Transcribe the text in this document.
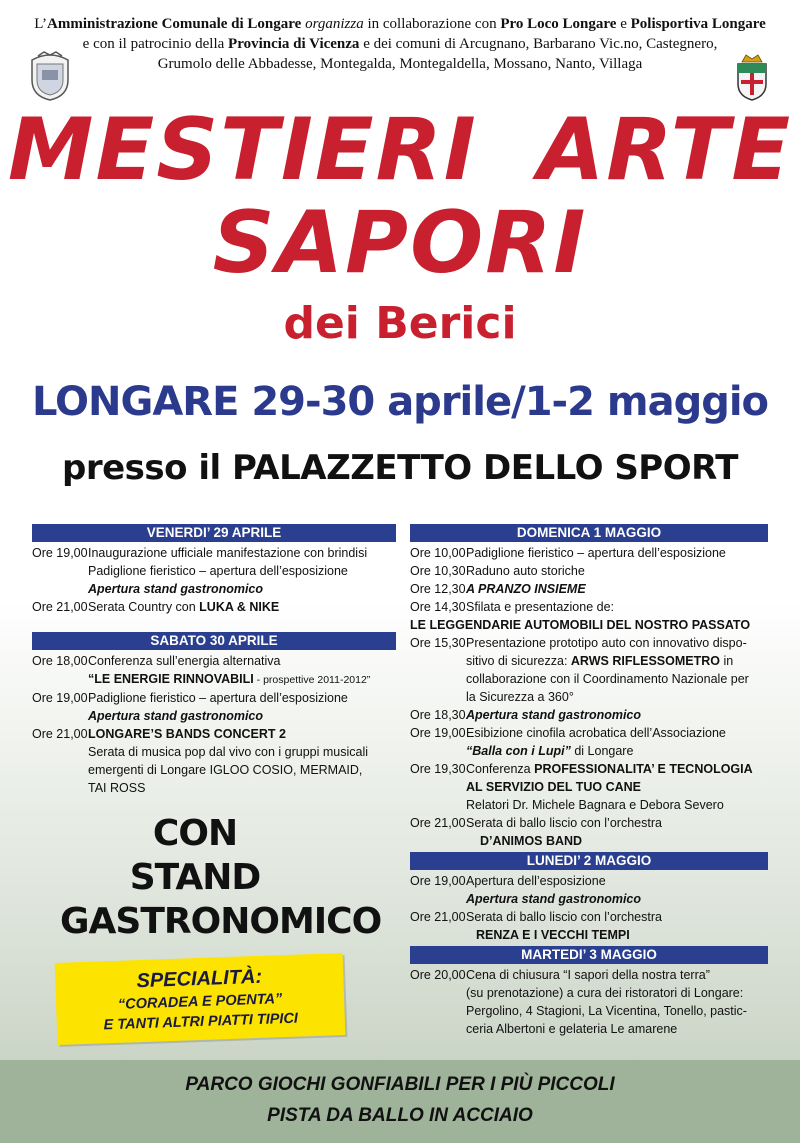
L’Amministrazione Comunale di Longare organizza in collaborazione con Pro Loco Longare e Polisportiva Longare
e con il patrocinio della Provincia di Vicenza e dei comuni di Arcugnano, Barbarano Vic.no, Castegnero,
Grumolo delle Abbadesse, Montegalda, Montegaldella, Mossano, Nanto, Villaga
MESTIERI ARTE
SAPORI
dei Berici
LONGARE 29-30 aprile/1-2 maggio
presso il PALAZZETTO DELLO SPORT
VENERDI’ 29 APRILE
Ore 19,00 Inaugurazione ufficiale manifestazione con brindisi
Padiglione fieristico – apertura dell’esposizione
Apertura stand gastronomico
Ore 21,00 Serata Country con LUKA & NIKE
SABATO 30 APRILE
Ore 18,00 Conferenza sull’energia alternativa
“LE ENERGIE RINNOVABILI - prospettive 2011-2012”
Ore 19,00 Padiglione fieristico – apertura dell’esposizione
Apertura stand gastronomico
Ore 21,00 LONGARE’S BANDS CONCERT 2
Serata di musica pop dal vivo con i gruppi musicali
emergenti di Longare IGLOO COSIO, MERMAID,
TAI ROSS
CON
STAND
GASTRONOMICO
SPECIALITÀ:
“CORADEA E POENTA”
E TANTI ALTRI PIATTI TIPICI
DOMENICA 1 MAGGIO
Ore 10,00 Padiglione fieristico – apertura dell’esposizione
Ore 10,30 Raduno auto storiche
Ore 12,30 A PRANZO INSIEME
Ore 14,30 Sfilata e presentazione de:
LE LEGGENDARIE AUTOMOBILI DEL NOSTRO PASSATO
Ore 15,30 Presentazione prototipo auto con innovativo dispo-
sitivo di sicurezza: ARWS RIFLESSOMETRO in
collaborazione con il Coordinamento Nazionale per
la Sicurezza a 360°
Ore 18,30 Apertura stand gastronomico
Ore 19,00 Esibizione cinofila acrobatica dell’Associazione
“Balla con i Lupi” di Longare
Ore 19,30 Conferenza PROFESSIONALITA’ E TECNOLOGIA
AL SERVIZIO DEL TUO CANE
Relatori Dr. Michele Bagnara e Debora Severo
Ore 21,00 Serata di ballo liscio con l’orchestra
D’ANIMOS BAND
LUNEDI’ 2 MAGGIO
Ore 19,00 Apertura dell’esposizione
Apertura stand gastronomico
Ore 21,00 Serata di ballo liscio con l’orchestra
RENZA E I VECCHI TEMPI
MARTEDI’ 3 MAGGIO
Ore 20,00 Cena di chiusura “I sapori della nostra terra”
(su prenotazione) a cura dei ristoratori di Longare:
Pergolino, 4 Stagioni, La Vicentina, Tonello, pastic-
ceria Albertoni e gelateria Le amarene
PARCO GIOCHI GONFIABILI PER I PIÙ PICCOLI
PISTA DA BALLO IN ACCIAIO
